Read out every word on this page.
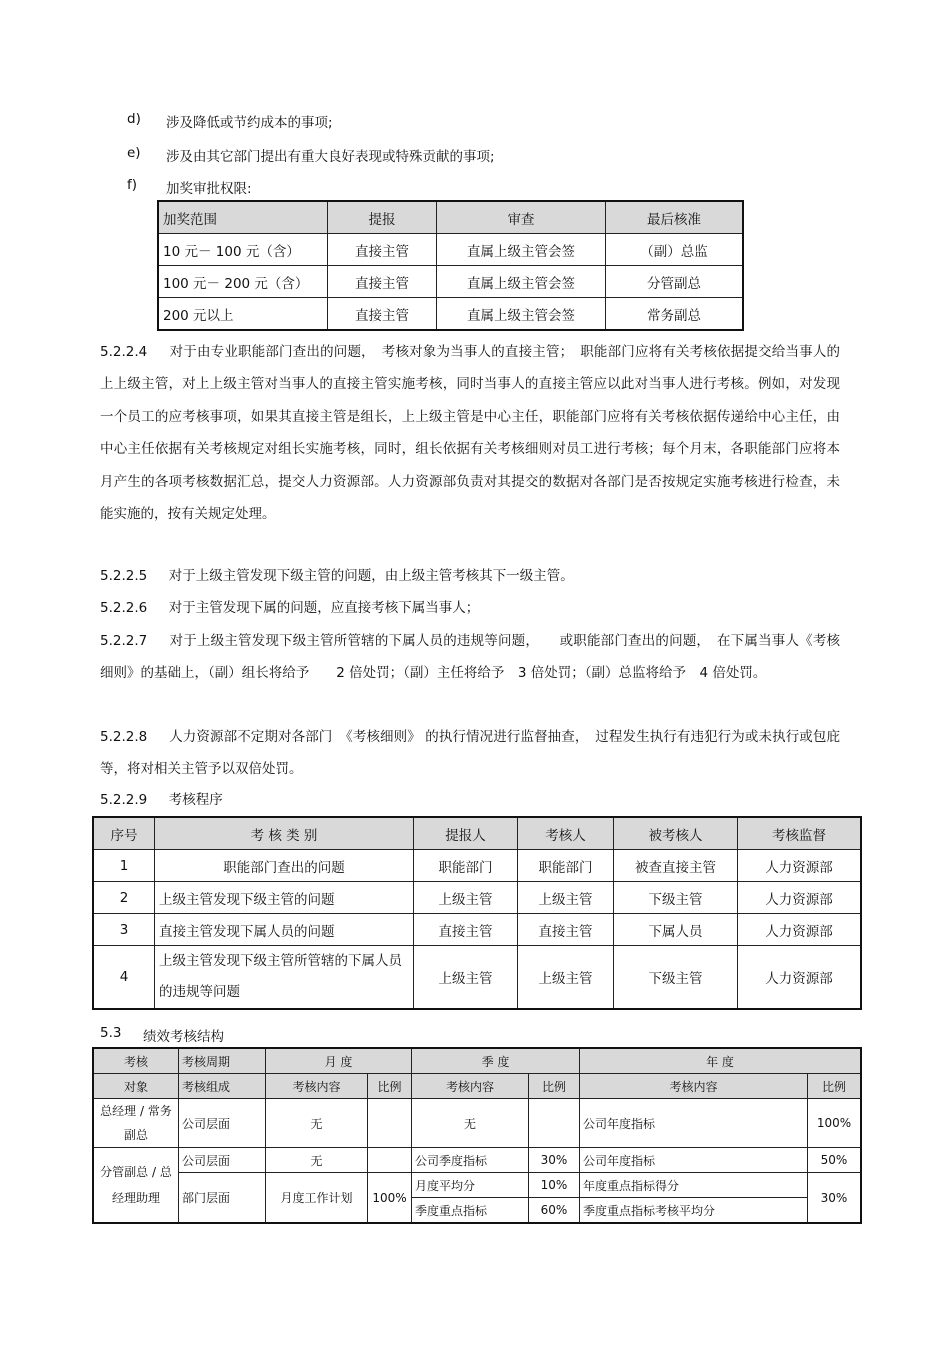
d) 涉及降低或节约成本的事项;
e) 涉及由其它部门提出有重大良好表现或特殊贡献的事项;
f) 加奖审批权限:
加奖范围	提报	审查	最后核准
10 元－ 100 元（含）	直接主管	直属上级主管会签	（副）总监
100 元－ 200 元（含）	直接主管	直属上级主管会签	分管副总
200 元以上	直接主管	直属上级主管会签	常务副总
5.2.2.4 对于由专业职能部门查出的问题，　考核对象为当事人的直接主管；　职能部门应将有关考核依据提交给当事人的上上级主管，对上上级主管对当事人的直接主管实施考核，同时当事人的直接主管应以此对当事人进行考核。例如，对发现一个员工的应考核事项，如果其直接主管是组长，上上级主管是中心主任，职能部门应将有关考核依据传递给中心主任，由中心主任依据有关考核规定对组长实施考核，同时，组长依据有关考核细则对员工进行考核；每个月末，各职能部门应将本月产生的各项考核数据汇总，提交人力资源部。人力资源部负责对其提交的数据对各部门是否按规定实施考核进行检查，未能实施的，按有关规定处理。
5.2.2.5 对于上级主管发现下级主管的问题，由上级主管考核其下一级主管。
5.2.2.6 对于主管发现下属的问题，应直接考核下属当事人；
5.2.2.7 对于上级主管发现下级主管所管辖的下属人员的违规等问题，　　或职能部门查出的问题，　在下属当事人《考核细则》的基础上，（副）组长将给予　　2 倍处罚；（副）主任将给予　3 倍处罚；（副）总监将给予　4 倍处罚。
5.2.2.8 人力资源部不定期对各部门　《考核细则》 的执行情况进行监督抽查，　过程发生执行有违犯行为或未执行或包庇等，将对相关主管予以双倍处罚。
5.2.2.9 考核程序
序号	考 核 类 别	提报人	考核人	被考核人	考核监督
1	职能部门查出的问题	职能部门	职能部门	被查直接主管	人力资源部
2	上级主管发现下级主管的问题	上级主管	上级主管	下级主管	人力资源部
3	直接主管发现下属人员的问题	直接主管	直接主管	下属人员	人力资源部
4	上级主管发现下级主管所管辖的下属人员的违规等问题	上级主管	上级主管	下级主管	人力资源部
5.3 绩效考核结构
考核	考核周期	月 度		季 度		年 度	
对象	考核组成	考核内容	比例	考核内容	比例	考核内容	比例
总经理 / 常务副总	公司层面	无		无		公司年度指标	100%
分管副总 / 总经理助理	公司层面	无		公司季度指标	30%	公司年度指标	50%
	部门层面	月度工作计划	100%	月度平均分	10%	年度重点指标得分	30%
				季度重点指标	60%	季度重点指标考核平均分	
